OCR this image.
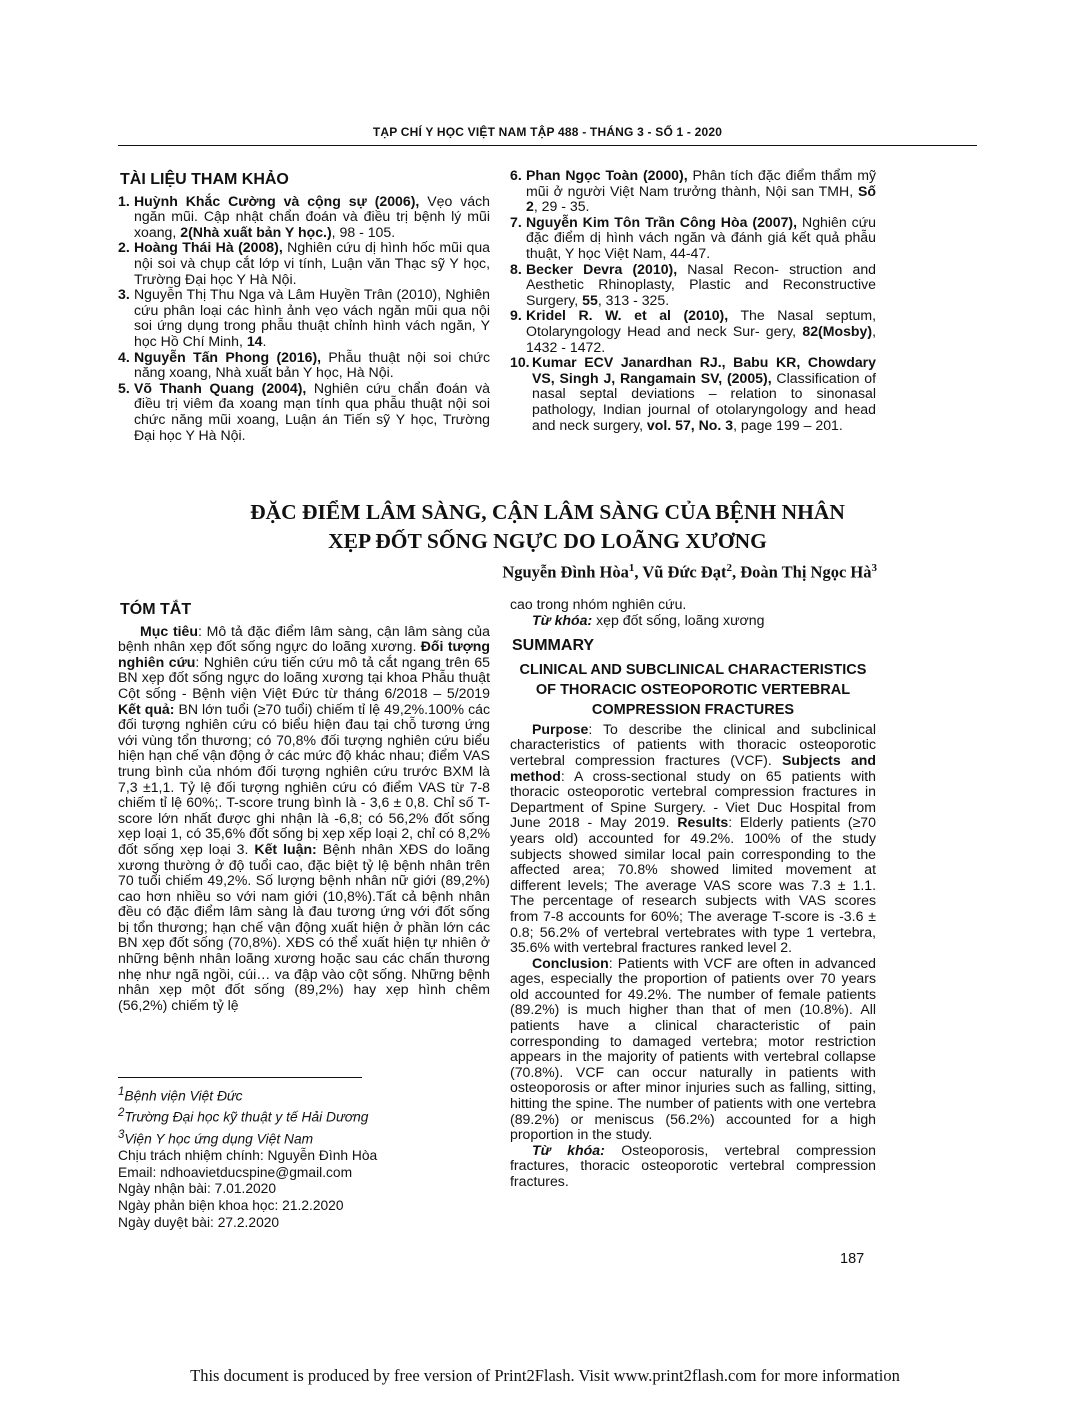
TẠP CHÍ Y HỌC VIỆT NAM TẬP 488 - THÁNG 3 - SỐ 1 - 2020
TÀI LIỆU THAM KHẢO
1. Huỳnh Khắc Cường và cộng sự (2006), Vẹo vách ngăn mũi. Cập nhật chẩn đoán và điều trị bệnh lý mũi xoang, 2(Nhà xuất bản Y học.), 98 - 105.
2. Hoàng Thái Hà (2008), Nghiên cứu dị hình hốc mũi qua nội soi và chụp cắt lớp vi tính, Luận văn Thạc sỹ Y học, Trường Đại học Y Hà Nội.
3. Nguyễn Thị Thu Nga và Lâm Huyền Trân (2010), Nghiên cứu phân loại các hình ảnh vẹo vách ngăn mũi qua nội soi ứng dụng trong phẫu thuật chỉnh hình vách ngăn, Y học Hồ Chí Minh, 14.
4. Nguyễn Tấn Phong (2016), Phẫu thuật nội soi chức năng xoang, Nhà xuất bản Y học, Hà Nội.
5. Võ Thanh Quang (2004), Nghiên cứu chẩn đoán và điều trị viêm đa xoang mạn tính qua phẫu thuật nội soi chức năng mũi xoang, Luận án Tiến sỹ Y học, Trường Đại học Y Hà Nội.
6. Phan Ngọc Toàn (2000), Phân tích đặc điểm thẩm mỹ mũi ở người Việt Nam trưởng thành, Nội san TMH, Số 2, 29 - 35.
7. Nguyễn Kim Tôn Trần Công Hòa (2007), Nghiên cứu đặc điểm dị hình vách ngăn và đánh giá kết quả phẫu thuật, Y học Việt Nam, 44-47.
8. Becker Devra (2010), Nasal Recon- struction and Aesthetic Rhinoplasty, Plastic and Reconstructive Surgery, 55, 313 - 325.
9. Kridel R. W. et al (2010), The Nasal septum, Otolaryngology Head and neck Sur- gery, 82(Mosby), 1432 - 1472.
10. Kumar ECV Janardhan RJ., Babu KR, Chowdary VS, Singh J, Rangamain SV, (2005), Classification of nasal septal deviations – relation to sinonasal pathology, Indian journal of otolaryngology and head and neck surgery, vol. 57, No. 3, page 199 – 201.
ĐẶC ĐIỂM LÂM SÀNG, CẬN LÂM SÀNG CỦA BỆNH NHÂN
XẸP ĐỐT SỐNG NGỰC DO LOÃNG XƯƠNG
Nguyễn Đình Hòa$^1$, Vũ Đức Đạt$^2$, Đoàn Thị Ngọc $Hà^3$
TÓM TẮT

Mục tiêu: Mô tả đặc điểm lâm sàng, cận lâm sàng của bệnh nhân xẹp đốt sống ngực do loãng xương. Đối tượng nghiên cứu: Nghiên cứu tiến cứu mô tả cắt ngang trên 65 BN xẹp đốt sống ngực do loãng xương tại khoa Phẫu thuật Cột sống - Bệnh viện Việt Đức từ tháng 6/2018 – 5/2019 Kết quả: BN lớn tuổi (≥70 tuổi) chiếm tỉ lệ 49,2%.100% các đối tượng nghiên cứu có biểu hiện đau tại chỗ tương ứng với vùng tổn thương; có 70,8% đối tượng nghiên cứu biểu hiện hạn chế vận động ở các mức độ khác nhau; điểm VAS trung bình của nhóm đối tượng nghiên cứu trước BXM là 7,3 ±1,1. Tỷ lệ đối tượng nghiên cứu có điểm VAS từ 7-8 chiếm tỉ lệ 60%;. T-score trung bình là - 3,6 ± 0,8. Chỉ số T- score lớn nhất được ghi nhận là -6,8; có 56,2% đốt sống xẹp loại 1, có 35,6% đốt sống bị xẹp xếp loại 2, chỉ có 8,2% đốt sống xẹp loại 3. Kết luận: Bệnh nhân XĐS do loãng xương thường ở độ tuổi cao, đặc biệt tỷ lệ bệnh nhân trên 70 tuổi chiếm 49,2%. Số lượng bệnh nhân nữ giới (89,2%) cao hơn nhiều so với nam giới (10,8%).Tất cả bệnh nhân đều có đặc điểm lâm sàng là đau tương ứng với đốt sống bị tổn thương; hạn chế vận động xuất hiện ở phần lớn các BN xẹp đốt sống (70,8%). XĐS có thể xuất hiện tự nhiên ở những bệnh nhân loãng xương hoặc sau các chấn thương nhẹ như ngã ngồi, cúi… va đập vào cột sống. Những bệnh nhân xẹp một đốt sống (89,2%) hay xẹp hình chêm (56,2%) chiếm tỷ lệ

cao trong nhóm nghiên cứu.

Từ khóa: xẹp đốt sống, loãng xương

SUMMARY
CLINICAL AND SUBCLINICAL CHARACTERISTICS
OF THORACIC OSTEOPOROTIC VERTEBRAL
COMPRESSION FRACTURES

Purpose: To describe the clinical and subclinical characteristics of patients with thoracic osteoporotic vertebral compression fractures (VCF). Subjects and method: A cross-sectional study on 65 patients with thoracic osteoporotic vertebral compression fractures in Department of Spine Surgery. - Viet Duc Hospital from June 2018 - May 2019. Results: Elderly patients (≥70 years old) accounted for 49.2%. 100% of the study subjects showed similar local pain corresponding to the affected area; 70.8% showed limited movement at different levels; The average VAS score was 7.3 ± 1.1. The percentage of research subjects with VAS scores from 7-8 accounts for 60%; The average T-score is -3.6 ± 0.8; 56.2% of vertebral vertebrates with type 1 vertebra, 35.6% with vertebral fractures ranked level 2.

Conclusion: Patients with VCF are often in advanced ages, especially the proportion of patients over 70 years old accounted for 49.2%. The number of female patients (89.2%) is much higher than that of men (10.8%). All patients have a clinical characteristic of pain corresponding to damaged vertebra; motor restriction appears in the majority of patients with vertebral collapse (70.8%). VCF can occur naturally in patients with osteoporosis or after minor injuries such as falling, sitting, hitting the spine. The number of patients with one vertebra (89.2%) or meniscus (56.2%) accounted for a high proportion in the study.

Từ khóa: Osteoporosis, vertebral compression fractures, thoracic osteoporotic vertebral compression fractures.

$^1$Bệnh viện Việt Đức
$^2$Trường Đại học kỹ thuật y tế Hải Dương
$^3$Viện Y học ứng dụng Việt Nam
Chịu trách nhiệm chính: Nguyễn Đình Hòa
Email: ndhoavietducspine@gmail.com
Ngày nhận bài: 7.01.2020
Ngày phản biện khoa học: 21.2.2020
Ngày duyệt bài: 27.2.2020
187
This document is produced by free version of Print2Flash. Visit www.print2flash.com for more information
